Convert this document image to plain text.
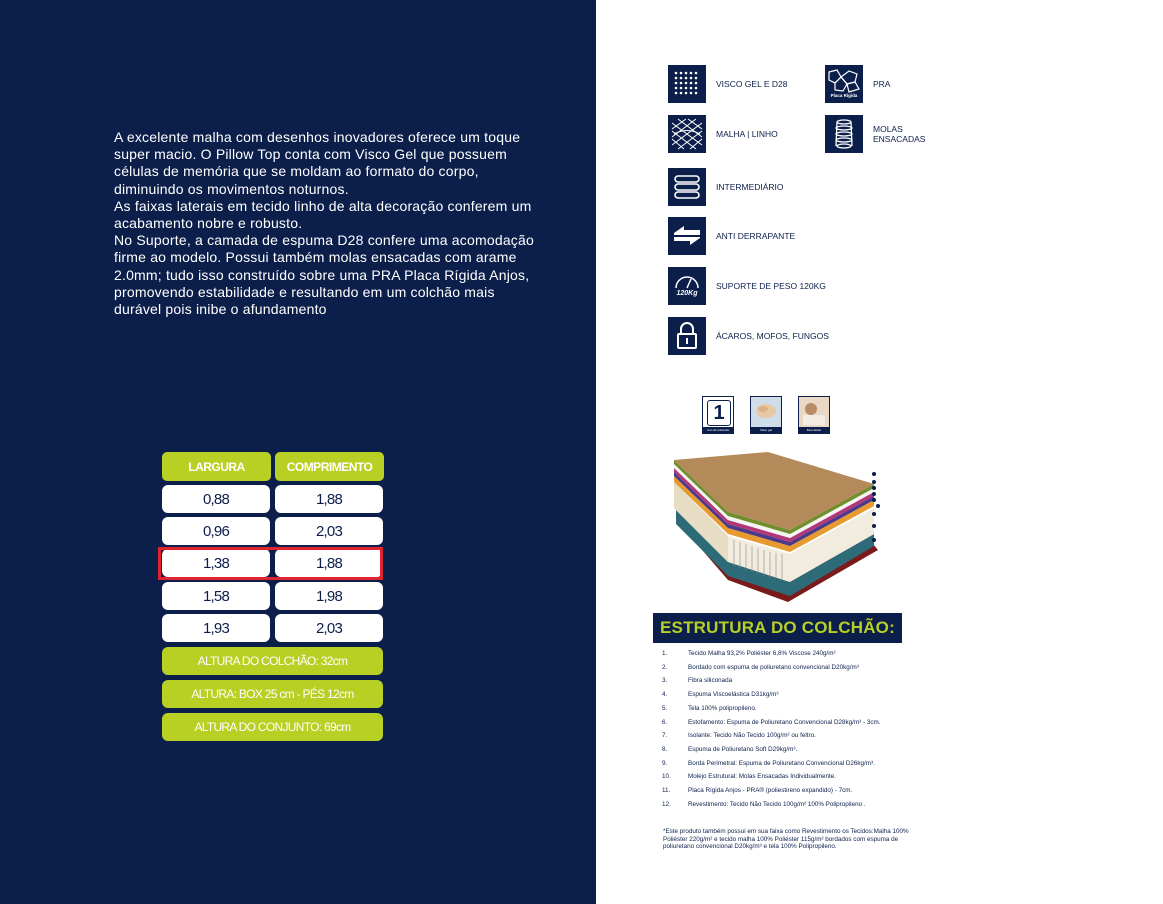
A excelente malha com desenhos inovadores oferece um toque super macio. O Pillow Top conta com Visco Gel que possuem células de memória que se moldam ao formato do corpo, diminuindo os movimentos noturnos.
As faixas laterais em tecido linho de alta decoração conferem um acabamento nobre e robusto.
No Suporte, a camada de espuma D28 confere uma acomodação firme ao modelo. Possui também molas ensacadas com arame 2.0mm; tudo isso construído sobre uma PRA Placa Rígida Anjos, promovendo estabilidade e resultando em um colchão mais durável pois inibe o afundamento
LARGURA	COMPRIMENTO
0,88	1,88
0,96	2,03
1,38	1,88
1,58	1,98
1,93	2,03
ALTURA DO COLCHÃO: 32cm
ALTURA: BOX 25 cm - PÉS 12cm
ALTURA DO CONJUNTO: 69cm
VISCO GEL E D28
Placa Rígida
PRA
MALHA | LINHO	MOLAS ENSACADAS
INTERMEDIÁRIO
ANTI DERRAPANTE
120Kg
SUPORTE DE PESO 120KG
ÁCAROS, MOFOS, FUNGOS
1
Ano de Garantia	Visco gel	Bem-Estar
ESTRUTURA DO COLCHÃO:
1.	Tecido Malha 93,2% Poliéster 6,8% Viscose 240g/m²
2.	Bordado com espuma de poliuretano convencional D20kg/m³
3.	Fibra siliconada
4.	Espuma Viscoelástica D31kg/m³
5.	Tela 100% polipropileno.
6.	Estofamento: Espuma de Poliuretano Convencional D28kg/m³ - 3cm.
7.	Isolante: Tecido Não Tecido 100g/m² ou feltro.
8.	Espuma de Poliuretano Soft D29kg/m³.
9.	Borda Perimetral: Espuma de Poliuretano Convencional D26kg/m³.
10.	Molejo Estrutural: Molas Ensacadas Individualmente.
11.	Placa Rígida Anjos - PRA® (poliestireno expandido) - 7cm.
12.	Revestimento: Tecido Não Tecido 100g/m² 100% Polipropileno .
*Este produto também possui em sua faixa como Revestimento os Tecidos:Malha 100% Poliéster 220g/m² e tecido malha 100% Poliéster 115g/m² bordados com espuma de poliuretano convencional D20kg/m³ e tela 100% Polipropileno.
